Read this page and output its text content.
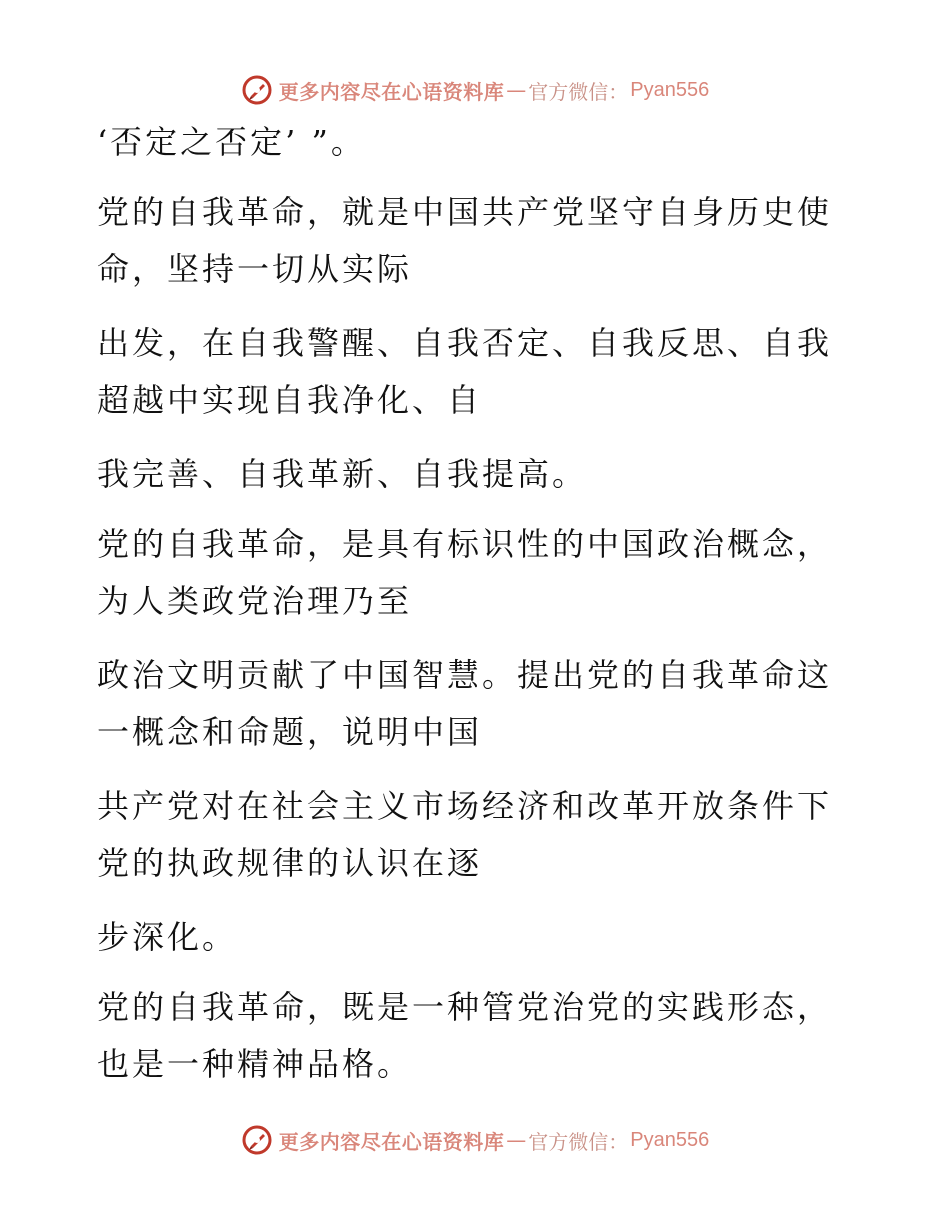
更多内容尽在心语资料库 — 官方微信： Pyan556
‘否定之否定’ ”。
党的自我革命，就是中国共产党坚守自身历史使
命，坚持一切从实际
出发，在自我警醒、自我否定、自我反思、自我
超越中实现自我净化、自
我完善、自我革新、自我提高。
党的自我革命，是具有标识性的中国政治概念，
为人类政党治理乃至
政治文明贡献了中国智慧。提出党的自我革命这
一概念和命题，说明中国
共产党对在社会主义市场经济和改革开放条件下
党的执政规律的认识在逐
步深化。
党的自我革命，既是一种管党治党的实践形态，
也是一种精神品格。
更多内容尽在心语资料库 — 官方微信： Pyan556
